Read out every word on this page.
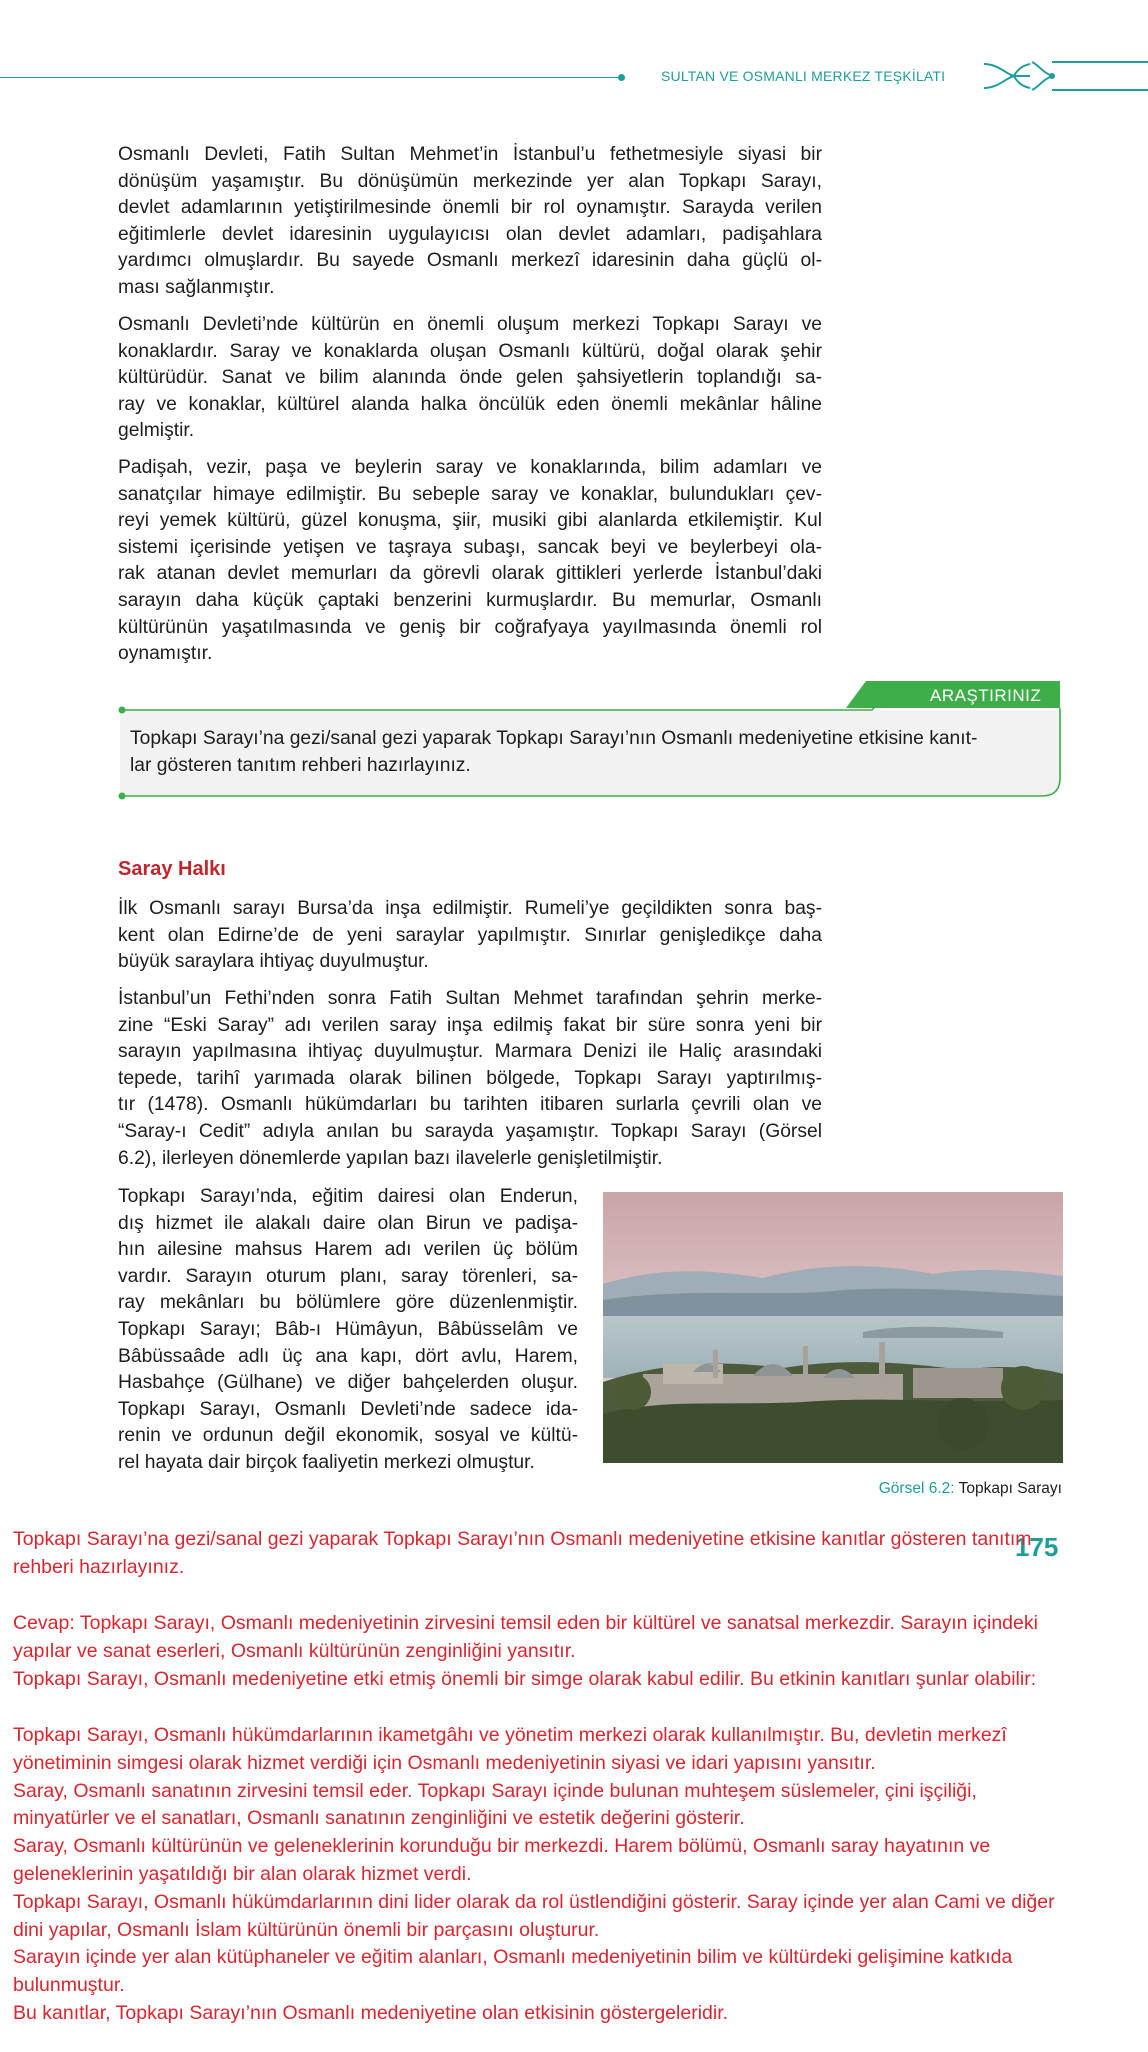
SULTAN VE OSMANLI MERKEZ TEŞKİLATI
Osmanlı Devleti, Fatih Sultan Mehmet’in İstanbul’u fethetmesiyle siyasi bir
dönüşüm yaşamıştır. Bu dönüşümün merkezinde yer alan Topkapı Sarayı,
devlet adamlarının yetiştirilmesinde önemli bir rol oynamıştır. Sarayda verilen
eğitimlerle devlet idaresinin uygulayıcısı olan devlet adamları, padişahlara
yardımcı olmuşlardır. Bu sayede Osmanlı merkezî idaresinin daha güçlü ol-
ması sağlanmıştır.
Osmanlı Devleti’nde kültürün en önemli oluşum merkezi Topkapı Sarayı ve
konaklardır. Saray ve konaklarda oluşan Osmanlı kültürü, doğal olarak şehir
kültürüdür. Sanat ve bilim alanında önde gelen şahsiyetlerin toplandığı sa-
ray ve konaklar, kültürel alanda halka öncülük eden önemli mekânlar hâline
gelmiştir.
Padişah, vezir, paşa ve beylerin saray ve konaklarında, bilim adamları ve
sanatçılar himaye edilmiştir. Bu sebeple saray ve konaklar, bulundukları çev-
reyi yemek kültürü, güzel konuşma, şiir, musiki gibi alanlarda etkilemiştir. Kul
sistemi içerisinde yetişen ve taşraya subaşı, sancak beyi ve beylerbeyi ola-
rak atanan devlet memurları da görevli olarak gittikleri yerlerde İstanbul’daki
sarayın daha küçük çaptaki benzerini kurmuşlardır. Bu memurlar, Osmanlı
kültürünün yaşatılmasında ve geniş bir coğrafyaya yayılmasında önemli rol
oynamıştır.
ARAŞTIRINIZ
Topkapı Sarayı’na gezi/sanal gezi yaparak Topkapı Sarayı’nın Osmanlı medeniyetine etkisine kanıt-
lar gösteren tanıtım rehberi hazırlayınız.
Saray Halkı
İlk Osmanlı sarayı Bursa’da inşa edilmiştir. Rumeli’ye geçildikten sonra baş-
kent olan Edirne’de de yeni saraylar yapılmıştır. Sınırlar genişledikçe daha
büyük saraylara ihtiyaç duyulmuştur.
İstanbul’un Fethi’nden sonra Fatih Sultan Mehmet tarafından şehrin merke-
zine “Eski Saray” adı verilen saray inşa edilmiş fakat bir süre sonra yeni bir
sarayın yapılmasına ihtiyaç duyulmuştur. Marmara Denizi ile Haliç arasındaki
tepede, tarihî yarımada olarak bilinen bölgede, Topkapı Sarayı yaptırılmış-
tır (1478). Osmanlı hükümdarları bu tarihten itibaren surlarla çevrili olan ve
“Saray-ı Cedit” adıyla anılan bu sarayda yaşamıştır. Topkapı Sarayı (Görsel
6.2), ilerleyen dönemlerde yapılan bazı ilavelerle genişletilmiştir.
Topkapı Sarayı’nda, eğitim dairesi olan Enderun,
dış hizmet ile alakalı daire olan Birun ve padişa-
hın ailesine mahsus Harem adı verilen üç bölüm
vardır. Sarayın oturum planı, saray törenleri, sa-
ray mekânları bu bölümlere göre düzenlenmiştir.
Topkapı Sarayı; Bâb-ı Hümâyun, Bâbüsselâm ve
Bâbüssaâde adlı üç ana kapı, dört avlu, Harem,
Hasbahçe (Gülhane) ve diğer bahçelerden oluşur.
Topkapı Sarayı, Osmanlı Devleti’nde sadece ida-
renin ve ordunun değil ekonomik, sosyal ve kültü-
rel hayata dair birçok faaliyetin merkezi olmuştur.
Görsel 6.2: Topkapı Sarayı
175
Topkapı Sarayı’na gezi/sanal gezi yaparak Topkapı Sarayı’nın Osmanlı medeniyetine etkisine kanıtlar gösteren tanıtım
rehberi hazırlayınız.
Cevap: Topkapı Sarayı, Osmanlı medeniyetinin zirvesini temsil eden bir kültürel ve sanatsal merkezdir. Sarayın içindeki
yapılar ve sanat eserleri, Osmanlı kültürünün zenginliğini yansıtır.
Topkapı Sarayı, Osmanlı medeniyetine etki etmiş önemli bir simge olarak kabul edilir. Bu etkinin kanıtları şunlar olabilir:
Topkapı Sarayı, Osmanlı hükümdarlarının ikametgâhı ve yönetim merkezi olarak kullanılmıştır. Bu, devletin merkezî
yönetiminin simgesi olarak hizmet verdiği için Osmanlı medeniyetinin siyasi ve idari yapısını yansıtır.
Saray, Osmanlı sanatının zirvesini temsil eder. Topkapı Sarayı içinde bulunan muhteşem süslemeler, çini işçiliği,
minyatürler ve el sanatları, Osmanlı sanatının zenginliğini ve estetik değerini gösterir.
Saray, Osmanlı kültürünün ve geleneklerinin korunduğu bir merkezdi. Harem bölümü, Osmanlı saray hayatının ve
geleneklerinin yaşatıldığı bir alan olarak hizmet verdi.
Topkapı Sarayı, Osmanlı hükümdarlarının dini lider olarak da rol üstlendiğini gösterir. Saray içinde yer alan Cami ve diğer
dini yapılar, Osmanlı İslam kültürünün önemli bir parçasını oluşturur.
Sarayın içinde yer alan kütüphaneler ve eğitim alanları, Osmanlı medeniyetinin bilim ve kültürdeki gelişimine katkıda
bulunmuştur.
Bu kanıtlar, Topkapı Sarayı’nın Osmanlı medeniyetine olan etkisinin göstergeleridir.
